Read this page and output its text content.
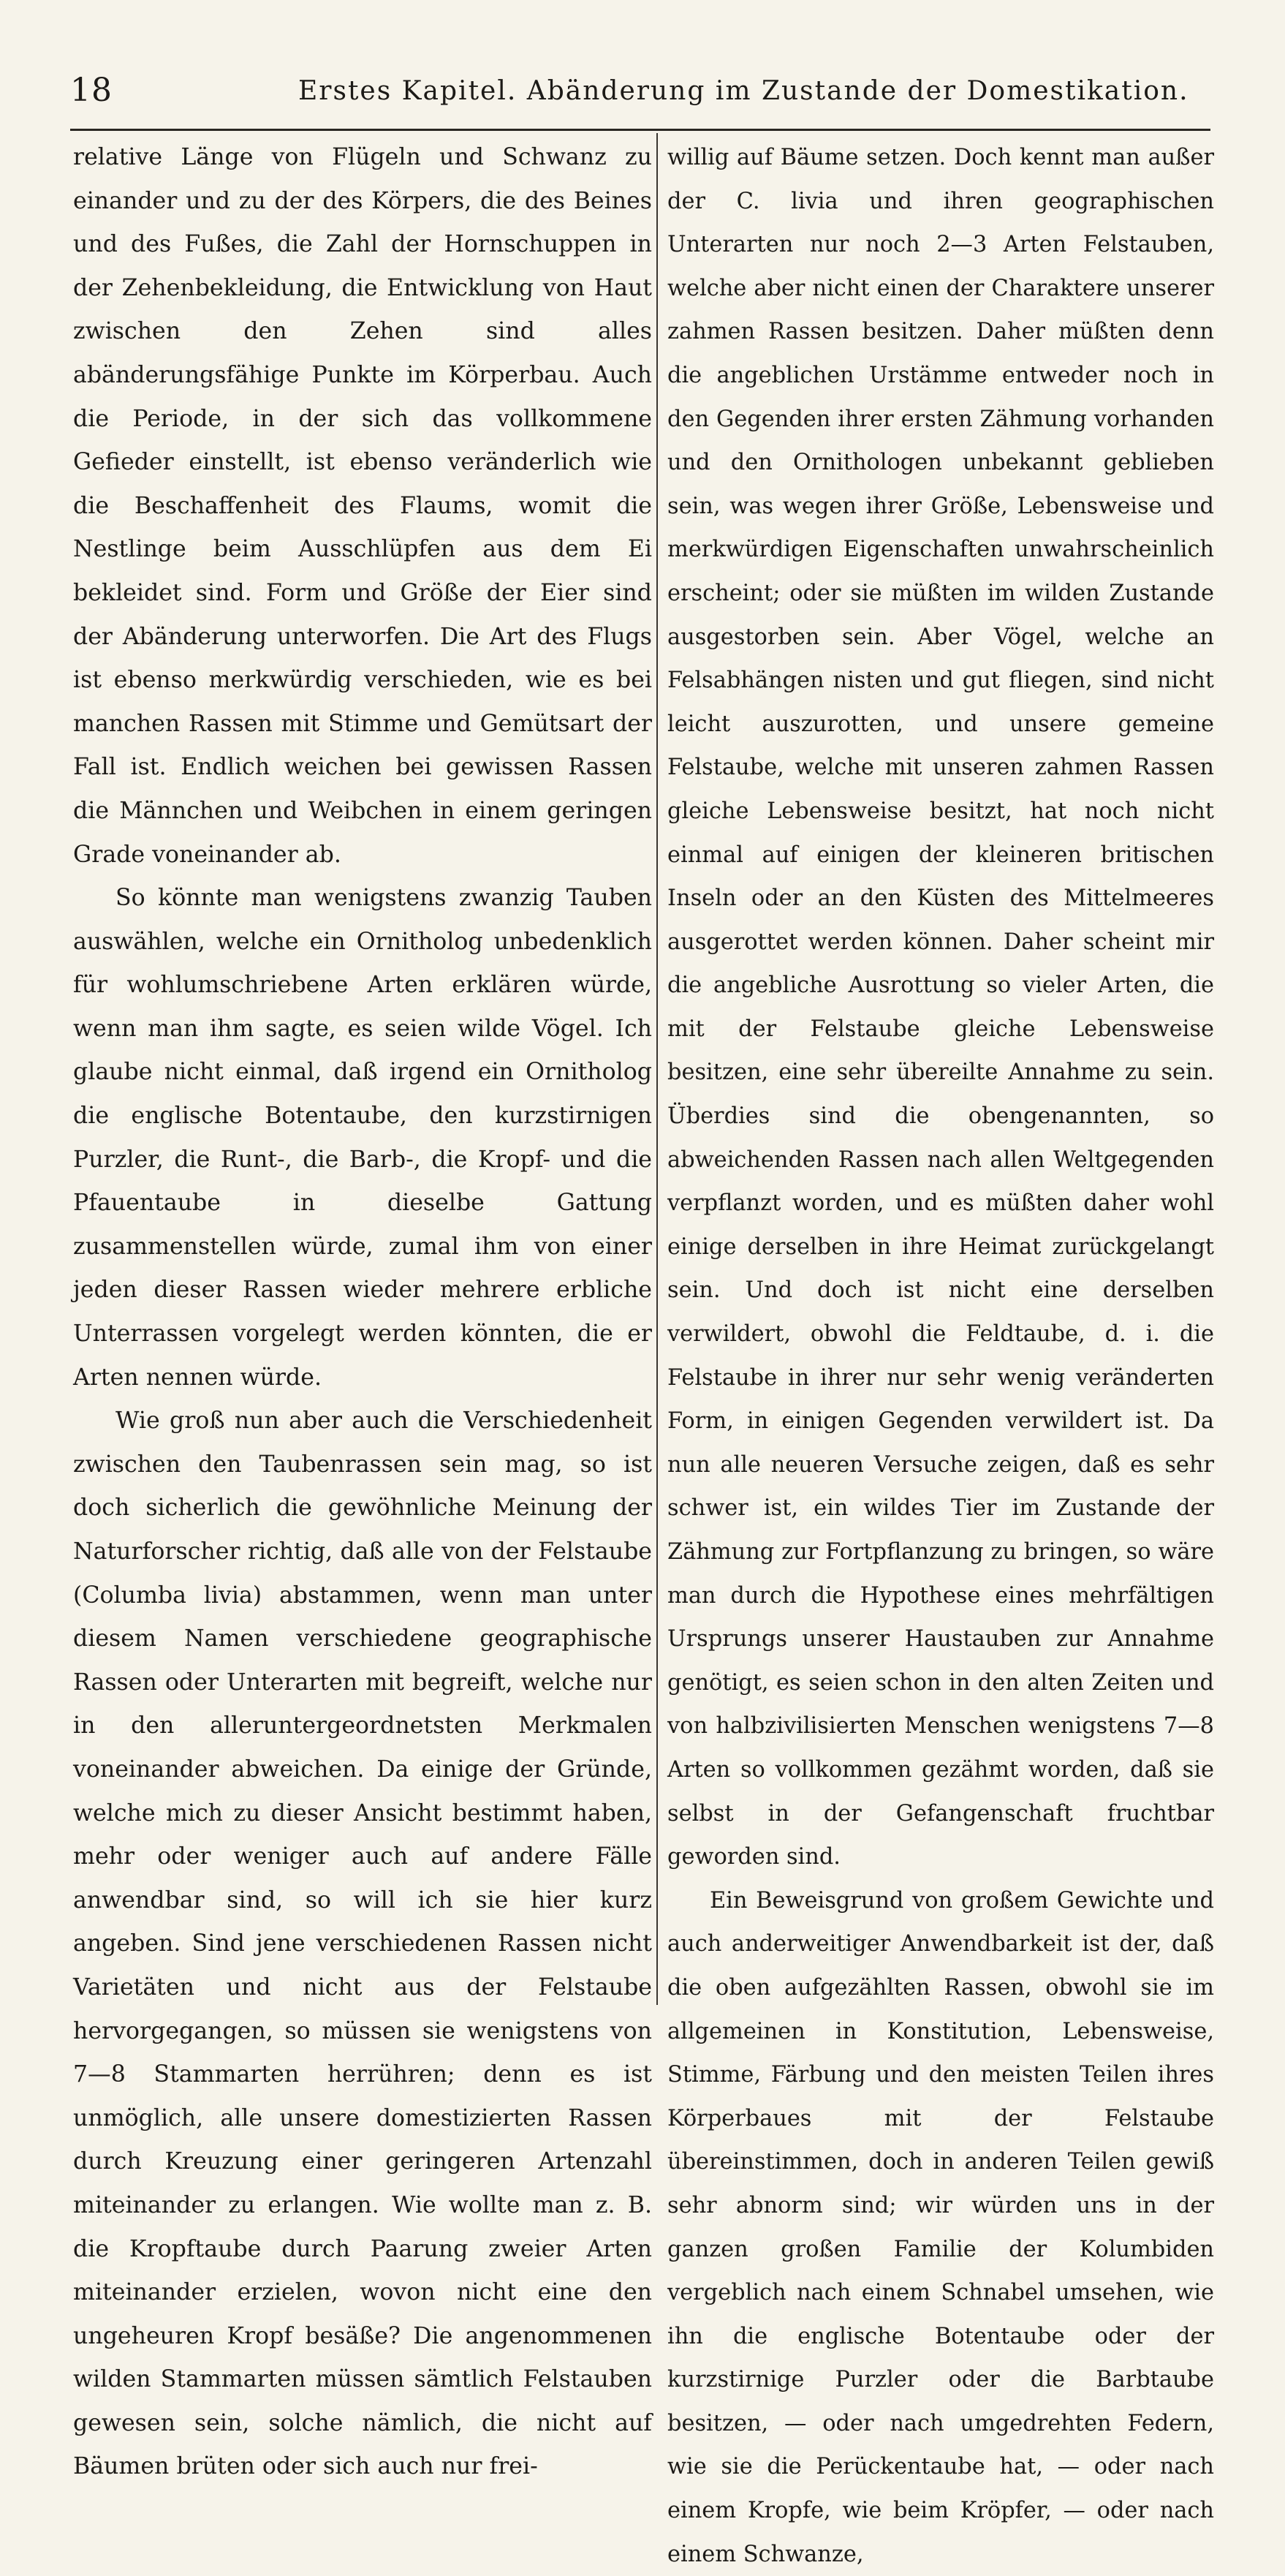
18	Erstes Kapitel. Abänderung im Zustande der Domestikation.

relative Länge von Flügeln und Schwanz zu einander und zu der des Körpers, die des Beines und des Fußes, die Zahl der Hornschuppen in der Zehenbekleidung, die Entwicklung von Haut zwischen den Zehen sind alles abänderungsfähige Punkte im Körperbau. Auch die Periode, in der sich das vollkommene Gefieder einstellt, ist ebenso veränderlich wie die Beschaffenheit des Flaums, womit die Nestlinge beim Ausschlüpfen aus dem Ei bekleidet sind. Form und Größe der Eier sind der Abänderung unterworfen. Die Art des Flugs ist ebenso merkwürdig verschieden, wie es bei manchen Rassen mit Stimme und Gemütsart der Fall ist. Endlich weichen bei gewissen Rassen die Männchen und Weibchen in einem geringen Grade voneinander ab.

So könnte man wenigstens zwanzig Tauben auswählen, welche ein Ornitholog unbedenklich für wohlumschriebene Arten erklären würde, wenn man ihm sagte, es seien wilde Vögel. Ich glaube nicht einmal, daß irgend ein Ornitholog die englische Botentaube, den kurzstirnigen Purzler, die Runt-, die Barb-, die Kropf- und die Pfauentaube in dieselbe Gattung zusammenstellen würde, zumal ihm von einer jeden dieser Rassen wieder mehrere erbliche Unterrassen vorgelegt werden könnten, die er Arten nennen würde.

Wie groß nun aber auch die Verschiedenheit zwischen den Taubenrassen sein mag, so ist doch sicherlich die gewöhnliche Meinung der Naturforscher richtig, daß alle von der Felstaube (Columba livia) abstammen, wenn man unter diesem Namen verschiedene geographische Rassen oder Unterarten mit begreift, welche nur in den alleruntergeordnetsten Merkmalen voneinander abweichen. Da einige der Gründe, welche mich zu dieser Ansicht bestimmt haben, mehr oder weniger auch auf andere Fälle anwendbar sind, so will ich sie hier kurz angeben. Sind jene verschiedenen Rassen nicht Varietäten und nicht aus der Felstaube hervorgegangen, so müssen sie wenigstens von 7—8 Stammarten herrühren; denn es ist unmöglich, alle unsere domestizierten Rassen durch Kreuzung einer geringeren Artenzahl miteinander zu erlangen. Wie wollte man z. B. die Kropftaube durch Paarung zweier Arten miteinander erzielen, wovon nicht eine den ungeheuren Kropf besäße? Die angenommenen wilden Stammarten müssen sämtlich Felstauben gewesen sein, solche nämlich, die nicht auf Bäumen brüten oder sich auch nur frei-

willig auf Bäume setzen. Doch kennt man außer der C. livia und ihren geographischen Unterarten nur noch 2—3 Arten Felstauben, welche aber nicht einen der Charaktere unserer zahmen Rassen besitzen. Daher müßten denn die angeblichen Urstämme entweder noch in den Gegenden ihrer ersten Zähmung vorhanden und den Ornithologen unbekannt geblieben sein, was wegen ihrer Größe, Lebensweise und merkwürdigen Eigenschaften unwahrscheinlich erscheint; oder sie müßten im wilden Zustande ausgestorben sein. Aber Vögel, welche an Felsabhängen nisten und gut fliegen, sind nicht leicht auszurotten, und unsere gemeine Felstaube, welche mit unseren zahmen Rassen gleiche Lebensweise besitzt, hat noch nicht einmal auf einigen der kleineren britischen Inseln oder an den Küsten des Mittelmeeres ausgerottet werden können. Daher scheint mir die angebliche Ausrottung so vieler Arten, die mit der Felstaube gleiche Lebensweise besitzen, eine sehr übereilte Annahme zu sein. Überdies sind die obengenannten, so abweichenden Rassen nach allen Weltgegenden verpflanzt worden, und es müßten daher wohl einige derselben in ihre Heimat zurückgelangt sein. Und doch ist nicht eine derselben verwildert, obwohl die Feldtaube, d. i. die Felstaube in ihrer nur sehr wenig veränderten Form, in einigen Gegenden verwildert ist. Da nun alle neueren Versuche zeigen, daß es sehr schwer ist, ein wildes Tier im Zustande der Zähmung zur Fortpflanzung zu bringen, so wäre man durch die Hypothese eines mehrfältigen Ursprungs unserer Haustauben zur Annahme genötigt, es seien schon in den alten Zeiten und von halbzivilisierten Menschen wenigstens 7—8 Arten so vollkommen gezähmt worden, daß sie selbst in der Gefangenschaft fruchtbar geworden sind.

Ein Beweisgrund von großem Gewichte und auch anderweitiger Anwendbarkeit ist der, daß die oben aufgezählten Rassen, obwohl sie im allgemeinen in Konstitution, Lebensweise, Stimme, Färbung und den meisten Teilen ihres Körperbaues mit der Felstaube übereinstimmen, doch in anderen Teilen gewiß sehr abnorm sind; wir würden uns in der ganzen großen Familie der Kolumbiden vergeblich nach einem Schnabel umsehen, wie ihn die englische Botentaube oder der kurzstirnige Purzler oder die Barbtaube besitzen, — oder nach umgedrehten Federn, wie sie die Perückentaube hat, — oder nach einem Kropfe, wie beim Kröpfer, — oder nach einem Schwanze,
